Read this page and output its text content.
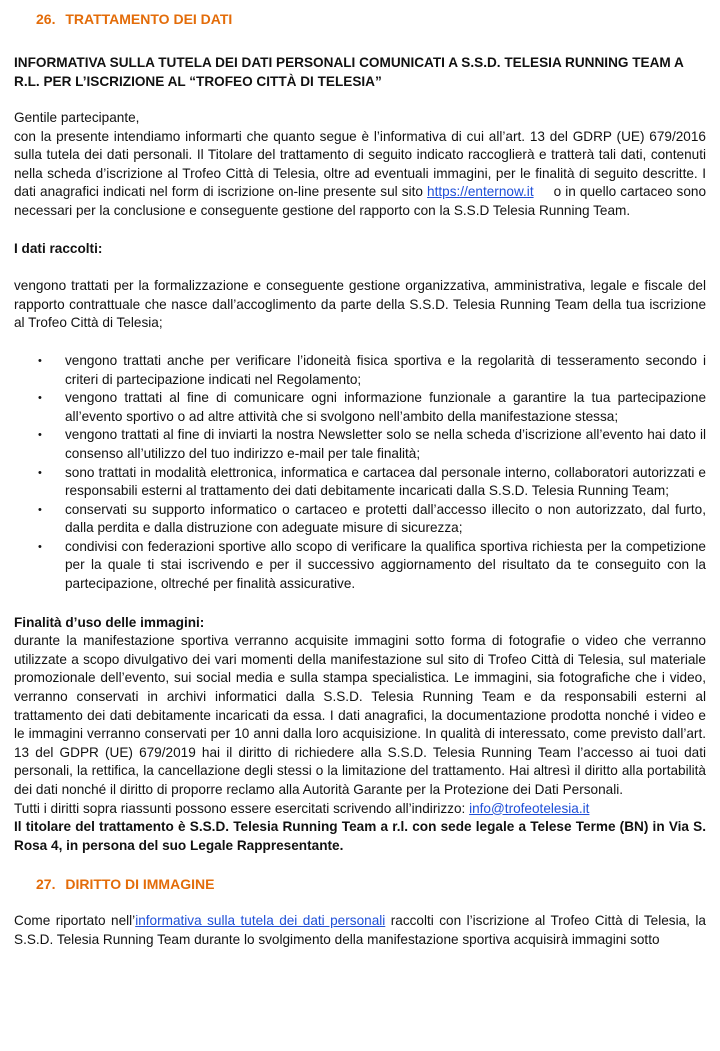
26. TRATTAMENTO DEI DATI

INFORMATIVA SULLA TUTELA DEI DATI PERSONALI COMUNICATI A S.S.D. TELESIA RUNNING TEAM A R.L. PER L’ISCRIZIONE AL “TROFEO CITTÀ DI TELESIA”

Gentile partecipante,

con la presente intendiamo informarti che quanto segue è l’informativa di cui all’art. 13 del GDRP (UE) 679/2016 sulla tutela dei dati personali. Il Titolare del trattamento di seguito indicato raccoglierà e tratterà tali dati, contenuti nella scheda d’iscrizione al Trofeo Città di Telesia, oltre ad eventuali immagini, per le finalità di seguito descritte. I dati anagrafici indicati nel form di iscrizione on-line presente sul sito https://enternow.it o in quello cartaceo sono necessari per la conclusione e conseguente gestione del rapporto con la S.S.D Telesia Running Team.

I dati raccolti:

vengono trattati per la formalizzazione e conseguente gestione organizzativa, amministrativa, legale e fiscale del rapporto contrattuale che nasce dall’accoglimento da parte della S.S.D. Telesia Running Team della tua iscrizione al Trofeo Città di Telesia;

• vengono trattati anche per verificare l’idoneità fisica sportiva e la regolarità di tesseramento secondo i criteri di partecipazione indicati nel Regolamento;
• vengono trattati al fine di comunicare ogni informazione funzionale a garantire la tua partecipazione all’evento sportivo o ad altre attività che si svolgono nell’ambito della manifestazione stessa;
• vengono trattati al fine di inviarti la nostra Newsletter solo se nella scheda d’iscrizione all’evento hai dato il consenso all’utilizzo del tuo indirizzo e-mail per tale finalità;
• sono trattati in modalità elettronica, informatica e cartacea dal personale interno, collaboratori autorizzati e responsabili esterni al trattamento dei dati debitamente incaricati dalla S.S.D. Telesia Running Team;
• conservati su supporto informatico o cartaceo e protetti dall’accesso illecito o non autorizzato, dal furto, dalla perdita e dalla distruzione con adeguate misure di sicurezza;
• condivisi con federazioni sportive allo scopo di verificare la qualifica sportiva richiesta per la competizione per la quale ti stai iscrivendo e per il successivo aggiornamento del risultato da te conseguito con la partecipazione, oltreché per finalità assicurative.

Finalità d’uso delle immagini:

durante la manifestazione sportiva verranno acquisite immagini sotto forma di fotografie o video che verranno utilizzate a scopo divulgativo dei vari momenti della manifestazione sul sito di Trofeo Città di Telesia, sul materiale promozionale dell’evento, sui social media e sulla stampa specialistica. Le immagini, sia fotografiche che i video, verranno conservati in archivi informatici dalla S.S.D. Telesia Running Team e da responsabili esterni al trattamento dei dati debitamente incaricati da essa. I dati anagrafici, la documentazione prodotta nonché i video e le immagini verranno conservati per 10 anni dalla loro acquisizione. In qualità di interessato, come previsto dall’art. 13 del GDPR (UE) 679/2019 hai il diritto di richiedere alla S.S.D. Telesia Running Team l’accesso ai tuoi dati personali, la rettifica, la cancellazione degli stessi o la limitazione del trattamento. Hai altresì il diritto alla portabilità dei dati nonché il diritto di proporre reclamo alla Autorità Garante per la Protezione dei Dati Personali.

Tutti i diritti sopra riassunti possono essere esercitati scrivendo all’indirizzo: info@trofeotelesia.it

Il titolare del trattamento è S.S.D. Telesia Running Team a r.l. con sede legale a Telese Terme (BN) in Via S. Rosa 4, in persona del suo Legale Rappresentante.

27. DIRITTO DI IMMAGINE

Come riportato nell’informativa sulla tutela dei dati personali raccolti con l’iscrizione al Trofeo Città di Telesia, la S.S.D. Telesia Running Team durante lo svolgimento della manifestazione sportiva acquisirà immagini sotto
